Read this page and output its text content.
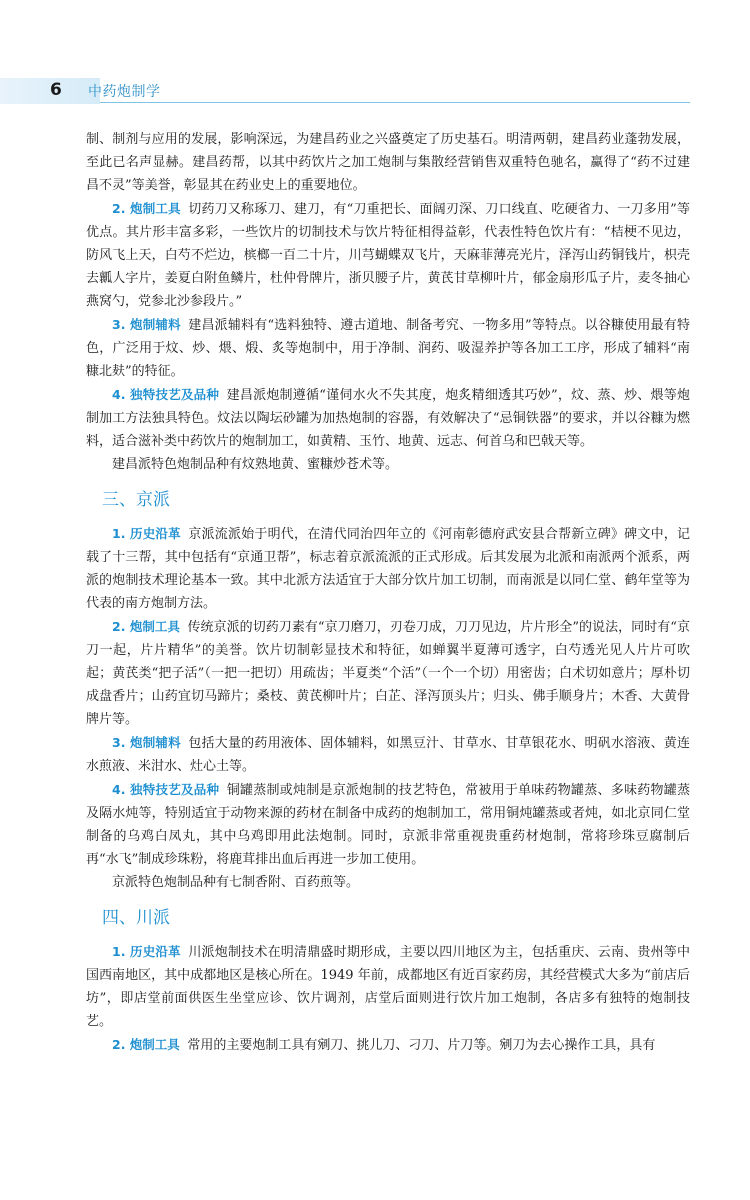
6 中药炮制学

制、制剂与应用的发展，影响深远，为建昌药业之兴盛奠定了历史基石。明清两朝，建昌药业蓬勃发展，至此已名声显赫。建昌药帮，以其中药饮片之加工炮制与集散经营销售双重特色驰名，赢得了“药不过建昌不灵”等美誉，彰显其在药业史上的重要地位。

2. 炮制工具 切药刀又称琢刀、建刀，有“刀重把长、面阔刃深、刀口线直、吃硬省力、一刀多用”等优点。其片形丰富多彩，一些饮片的切制技术与饮片特征相得益彰，代表性特色饮片有：“桔梗不见边，防风飞上天，白芍不烂边，槟榔一百二十片，川芎蝴蝶双飞片，天麻菲薄亮光片，泽泻山药铜钱片，枳壳去瓤人字片，姜夏白附鱼鳞片，杜仲骨牌片，浙贝腰子片，黄芪甘草柳叶片，郁金扇形瓜子片，麦冬抽心燕窝勺，党参北沙参段片。”

3. 炮制辅料 建昌派辅料有“选料独特、遵古道地、制备考究、一物多用”等特点。以谷糠使用最有特色，广泛用于炆、炒、煨、煅、炙等炮制中，用于净制、润药、吸湿养护等各加工工序，形成了辅料“南糠北麸”的特征。

4. 独特技艺及品种 建昌派炮制遵循“谨伺水火不失其度，炮炙精细透其巧妙”，炆、蒸、炒、煨等炮制加工方法独具特色。炆法以陶坛砂罐为加热炮制的容器，有效解决了“忌铜铁器”的要求，并以谷糠为燃料，适合滋补类中药饮片的炮制加工，如黄精、玉竹、地黄、远志、何首乌和巴戟天等。

建昌派特色炮制品种有炆熟地黄、蜜糠炒苍术等。

三、京派

1. 历史沿革 京派流派始于明代，在清代同治四年立的《河南彰德府武安县合帮新立碑》碑文中，记载了十三帮，其中包括有“京通卫帮”，标志着京派流派的正式形成。后其发展为北派和南派两个派系，两派的炮制技术理论基本一致。其中北派方法适宜于大部分饮片加工切制，而南派是以同仁堂、鹤年堂等为代表的南方炮制方法。

2. 炮制工具 传统京派的切药刀素有“京刀磨刀，刃卷刀成，刀刀见边，片片形全”的说法，同时有“京刀一起，片片精华”的美誉。饮片切制彰显技术和特征，如蝉翼半夏薄可透字，白芍透光见人片片可吹起；黄芪类“把子活”（一把一把切）用疏齿；半夏类“个活”（一个一个切）用密齿；白术切如意片；厚朴切成盘香片；山药宜切马蹄片；桑枝、黄芪柳叶片；白芷、泽泻顶头片；归头、佛手顺身片；木香、大黄骨牌片等。

3. 炮制辅料 包括大量的药用液体、固体辅料，如黑豆汁、甘草水、甘草银花水、明矾水溶液、黄连水煎液、米泔水、灶心土等。

4. 独特技艺及品种 铜罐蒸制或炖制是京派炮制的技艺特色，常被用于单味药物罐蒸、多味药物罐蒸及隔水炖等，特别适宜于动物来源的药材在制备中成药的炮制加工，常用铜炖罐蒸或者炖，如北京同仁堂制备的乌鸡白凤丸，其中乌鸡即用此法炮制。同时，京派非常重视贵重药材炮制，常将珍珠豆腐制后再“水飞”制成珍珠粉，将鹿茸排出血后再进一步加工使用。

京派特色炮制品种有七制香附、百药煎等。

四、川派

1. 历史沿革 川派炮制技术在明清鼎盛时期形成，主要以四川地区为主，包括重庆、云南、贵州等中国西南地区，其中成都地区是核心所在。1949 年前，成都地区有近百家药房，其经营模式大多为“前店后坊”，即店堂前面供医生坐堂应诊、饮片调剂，店堂后面则进行饮片加工炮制，各店多有独特的炮制技艺。

2. 炮制工具 常用的主要炮制工具有剜刀、挑儿刀、刁刀、片刀等。剜刀为去心操作工具，具有
